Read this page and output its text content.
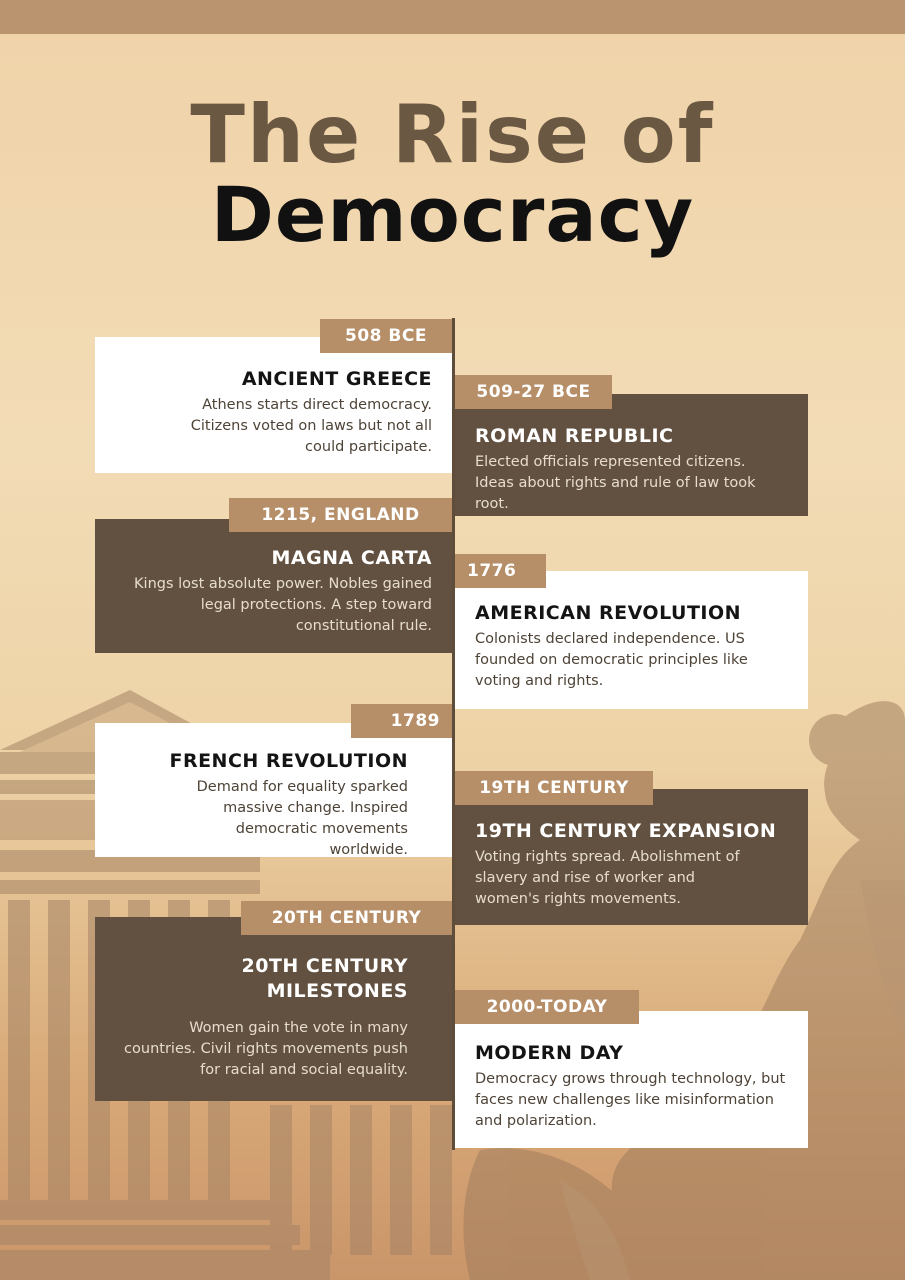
The Rise of
Democracy
ANCIENT GREECE

Athens starts direct democracy. Citizens voted on laws but not all could participate.

508 BCE
ROMAN REPUBLIC

Elected officials represented citizens. Ideas about rights and rule of law took root.

509-27 BCE
MAGNA CARTA

Kings lost absolute power. Nobles gained legal protections. A step toward constitutional rule.

1215, ENGLAND
AMERICAN REVOLUTION

Colonists declared independence. US founded on democratic principles like voting and rights.

1776
FRENCH REVOLUTION

Demand for equality sparked massive change. Inspired democratic movements worldwide.

1789
19TH CENTURY EXPANSION

Voting rights spread. Abolishment of slavery and rise of worker and women's rights movements.

19TH CENTURY
20TH CENTURY MILESTONES

Women gain the vote in many countries. Civil rights movements push for racial and social equality.

20TH CENTURY
MODERN DAY

Democracy grows through technology, but faces new challenges like misinformation and polarization.

2000-TODAY
